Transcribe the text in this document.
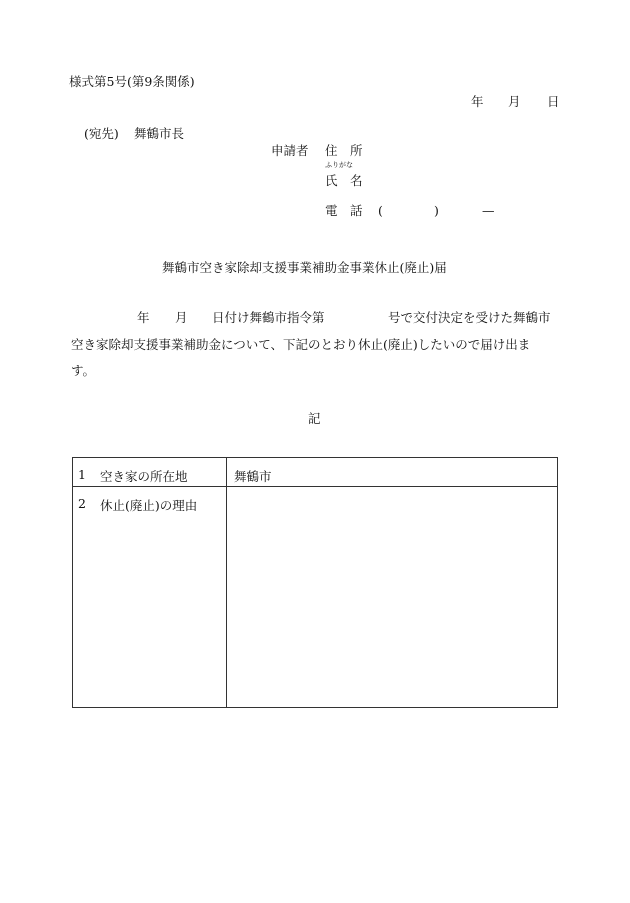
様式第5号(第9条関係)
年 月 日
(宛先) 舞鶴市長
申請者 住 所
ふりがな
氏 名
電 話 (	)	—
舞鶴市空き家除却支援事業補助金事業休止(廃止)届
年 月 日付け舞鶴市指令第	号で交付決定を受けた舞鶴市
空き家除却支援事業補助金について、下記のとおり休止(廃止)したいので届け出ま
す。
記
1 空き家の所在地	舞鶴市

2 休止(廃止)の理由	
